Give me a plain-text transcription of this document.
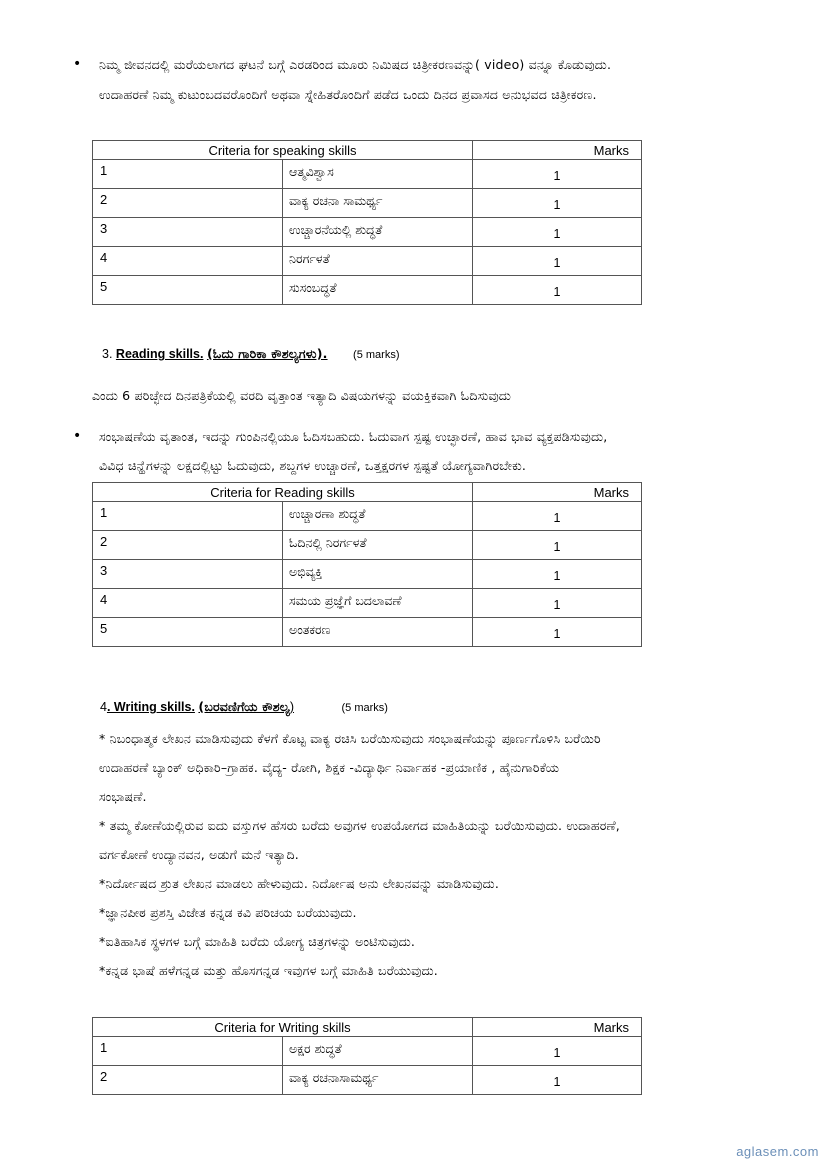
• ನಿಮ್ಮ ಜೀವನದಲ್ಲಿ ಮರೆಯಲಾಗದ ಘಟನೆ ಬಗ್ಗೆ ಎರಡರಿಂದ ಮೂರು ನಿಮಿಷದ ಚಿತ್ರೀಕರಣವನ್ನು( video) ವನ್ನೂ ಕೊಡುವುದು.
ಉದಾಹರಣೆ ನಿಮ್ಮ ಕುಟುಂಬದವರೊಂದಿಗೆ ಅಥವಾ ಸ್ನೇಹಿತರೊಂದಿಗೆ ಪಡೆದ ಒಂದು ದಿನದ ಪ್ರವಾಸದ ಅನುಭವದ ಚಿತ್ರೀಕರಣ.
Criteria for speaking skills		Marks
1	ಆತ್ಮವಿಶ್ವಾಸ	1
2	ವಾಕ್ಯ ರಚನಾ ಸಾಮರ್ಥ್ಯ	1
3	ಉಚ್ಚಾರನೆಯಲ್ಲಿ ಶುದ್ಧತೆ	1
4	ನಿರರ್ಗಳತೆ	1
5	ಸುಸಂಬದ್ಧತೆ	1
3. Reading skills. (ಓದು ಗಾರಿಕಾ ಕೌಶಲ್ಯಗಳು). (5 marks)
ಎಂದು 6 ಪರಿಚ್ಛೇದ ದಿನಪತ್ರಿಕೆಯಲ್ಲಿ ವರದಿ ವೃತ್ತಾಂತ ಇತ್ಯಾದಿ ವಿಷಯಗಳನ್ನು ವಯಕ್ತಿಕವಾಗಿ ಓದಿಸುವುದು
• ಸಂಭಾಷಣೆಯ ವೃತಾಂತ, ಇದನ್ನು ಗುಂಪಿನಲ್ಲಿಯೂ ಓದಿಸಬಹುದು. ಓದುವಾಗ ಸ್ಪಷ್ಟ ಉಚ್ಛಾರಣೆ, ಹಾವ ಭಾವ ವ್ಯಕ್ತಪಡಿಸುವುದು,
ವಿವಿಧ ಚಿನ್ಹೆಗಳನ್ನು ಲಕ್ಷದಲ್ಲಿಟ್ಟು ಓದುವುದು, ಶಬ್ದಗಳ ಉಚ್ಚಾರಣೆ, ಒತ್ತಕ್ಷರಗಳ ಸ್ಪಷ್ಟತೆ ಯೋಗ್ಯವಾಗಿರಬೇಕು.
Criteria for Reading skills		Marks
1	ಉಚ್ಚಾರಣಾ ಶುದ್ಧತೆ	1
2	ಓದಿನಲ್ಲಿ ನಿರರ್ಗಳತೆ	1
3	ಅಭಿವ್ಯಕ್ತಿ	1
4	ಸಮಯ ಪ್ರಜ್ಞೆಗೆ ಬದಲಾವಣೆ	1
5	ಅಂತಕರಣ	1
4. Writing skills. (ಬರವಣಿಗೆಯ ಕೌಶಲ್ಯ)	(5 marks)
* ನಿಬಂಧಾತ್ಮಕ ಲೇಖನ ಮಾಡಿಸುವುದು ಕೆಳಗೆ ಕೊಟ್ಟ ವಾಕ್ಯ ರಚಿಸಿ ಬರೆಯಿಸುವುದು ಸಂಭಾಷಣೆಯನ್ನು ಪೂರ್ಣಗೊಳಿಸಿ ಬರೆಯಿರಿ
ಉದಾಹರಣೆ ಬ್ಯಾಂಕ್ ಅಧಿಕಾರಿ–ಗ್ರಾಹಕ. ವೈದ್ಯ- ರೋಗಿ, ಶಿಕ್ಷಕ -ವಿದ್ಯಾರ್ಥಿ ನಿರ್ವಾಹಕ -ಪ್ರಯಾಣಿಕ , ಹೈನುಗಾರಿಕೆಯ
ಸಂಭಾಷಣೆ.
* ತಮ್ಮ ಕೋಣೆಯಲ್ಲಿರುವ ಐದು ವಸ್ತುಗಳ ಹೆಸರು ಬರೆದು ಅವುಗಳ ಉಪಯೋಗದ ಮಾಹಿತಿಯನ್ನು ಬರೆಯಿಸುವುದು. ಉದಾಹರಣೆ,
ವರ್ಗಕೋಣೆ ಉದ್ಯಾನವನ, ಅಡುಗೆ ಮನೆ ಇತ್ಯಾದಿ.
*ನಿರ್ದೋಷದ ಶ್ರುತ ಲೇಖನ ಮಾಡಲು ಹೇಳುವುದು. ನಿರ್ದೋಷ ಅನು ಲೇಖನವನ್ನು ಮಾಡಿಸುವುದು.
*ಜ್ಞಾನಪೀಠ ಪ್ರಶಸ್ತಿ ವಿಜೇತ ಕನ್ನಡ ಕವಿ ಪರಿಚಯ ಬರೆಯುವುದು.
*ಐತಿಹಾಸಿಕ ಸ್ಥಳಗಳ ಬಗ್ಗೆ ಮಾಹಿತಿ ಬರೆದು ಯೋಗ್ಯ ಚಿತ್ರಗಳನ್ನು ಅಂಟಿಸುವುದು.
*ಕನ್ನಡ ಭಾಷೆ ಹಳೆಗನ್ನಡ ಮತ್ತು ಹೊಸಗನ್ನಡ ಇವುಗಳ ಬಗ್ಗೆ ಮಾಹಿತಿ ಬರೆಯುವುದು.
Criteria for Writing skills		Marks
1	ಅಕ್ಷರ ಶುದ್ಧತೆ	1
2	ವಾಕ್ಯ ರಚನಾಸಾಮರ್ಥ್ಯ	1
aglasem.com
